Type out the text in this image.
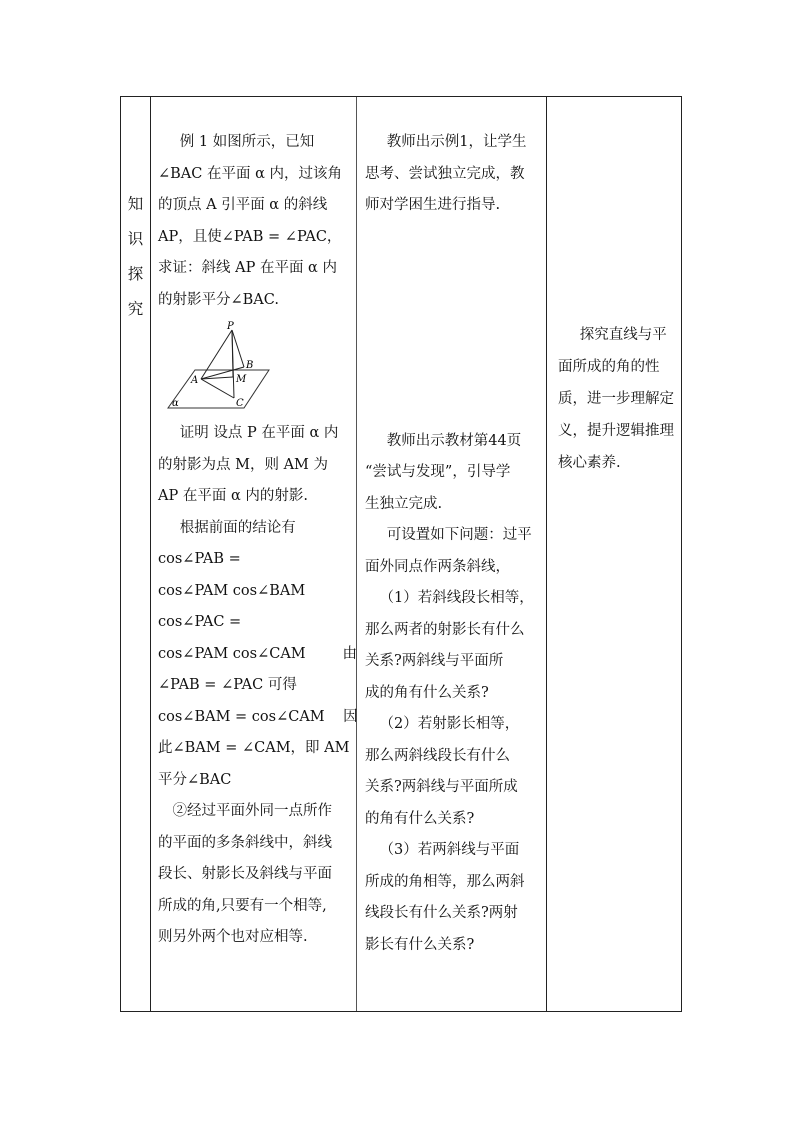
知
识
探
究

例 1 如图所示，已知

∠BAC 在平面 α 内，过该角

的顶点 A 引平面 α 的斜线

AP，且使∠PAB = ∠PAC，

求证：斜线 AP 在平面 α 内

的射影平分∠BAC.

P
A
B
M
C
α

证明 设点 P 在平面 α 内

的射影为点 M，则 AM 为

AP 在平面 α 内的射影.

根据前面的结论有

cos∠PAB =

cos∠PAM cos∠BAM

cos∠PAC =

cos∠PAM cos∠CAM        由

∠PAB = ∠PAC 可得

cos∠BAM = cos∠CAM    因

此∠BAM = ∠CAM，即 AM

平分∠BAC

②经过平面外同一点所作

的平面的多条斜线中，斜线

段长、射影长及斜线与平面

所成的角,只要有一个相等,

则另外两个也对应相等.

教师出示例1，让学生

思考、尝试独立完成，教

师对学困生进行指导.

教师出示教材第44页

“尝试与发现”，引导学

生独立完成.

可设置如下问题：过平

面外同点作两条斜线，

（1）若斜线段长相等，

那么两者的射影长有什么

关系?两斜线与平面所

成的角有什么关系?

（2）若射影长相等，

那么两斜线段长有什么

关系?两斜线与平面所成

的角有什么关系?

（3）若两斜线与平面

所成的角相等，那么两斜

线段长有什么关系?两射

影长有什么关系?

探究直线与平

面所成的角的性

质，进一步理解定

义，提升逻辑推理

核心素养.
